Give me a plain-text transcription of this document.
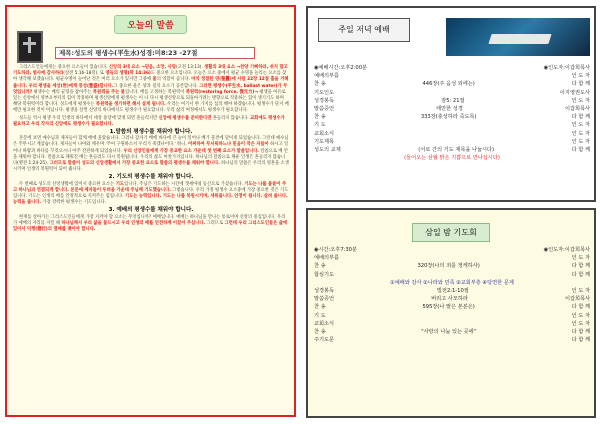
오늘의 말씀
제목:성도의 평생수(平生水)성경:미8:23 -27절

그리스도인들에게는 중요한 요소들이 있습니다. 신앙의 3대 요소 →믿음, 소망, 사랑(고전 13:13). 생활의 3대 요소 →찬양 기뻐하라, 쉬지 말고 기도하라, 범사에 감사하라(살전 5:16-18절). 또 영육의 생명(막 14:36)도 중요한 요소입니다. 오늘은 요소 중에서 평균 수명을 늘리는 요소를 찾아 생각해 보겠습니다. 평균수명이 늘어난 것은 여러 요소가 있지만 그중에 물의 역할이 큽니다. 마치 정결한 영(聖靈)에 사람 22장 12절 흘을 거해 줍니다. 우리 평생을 세상(世)에게 풍성(豊盛)합니다.그 중요한 물은 양과 질의 요소가 공존합니다. 그러면 평생수(平生水, ballast water)가 무엇입니까? 평생수는 배의 균형을 잡아주는 복원력을 주는 물입니다. 배를 고정하는 복원력이 복원력(restoring force, 復元力)→ 평생을 여유로 있는 신앙에서 영부요부터의 힘이 작용하며 평생신앙에게 평생수는 이 나 다시 평생신앙으로 되돌아가려는 방향으로 작용하는 힘이 생기기도 하며 해당 복원력이라 합니다. 성도에게 평생수는 복원력을 생기하면 해서 살게 됩니다. 우리는 여기서 한 가지를 섬의 해야 하겠습니다. 평생수가 단지 배에만 필요한 것이 아닙니다. 평생을 살면 신앙의 바다에서도 평생수가 필요합니다. 우리 삶의 여정에서도 평생수가 필요합니다.

성도들 역시 평생 우리 인생의 바다에서 세상 풍랑에 맞게 되면 흔들리지만 신앙에 평생수를 준비한다면 흔들리지 않습니다. 교회에도 평생수가 필요하고 우리 각자의 신앙에도 평생수가 필요합니다.

1.말씀의 평생수를 채워야 합니다.

본문에 보면 예수님과 제자들이 함께 배에 올랐습니다. 그러나 갑자기 배에 바다에 큰 놀이 일어나 배가 물결에 덮이게 되었습니다. 그런데 예수님은 주무시고 계셨습니다. 제자들이 나아와 깨우며 '주여 구원하소서 우리가 죽겠나이다.' 하니, 어찌하여 무서워하느냐 믿음이 작은 자들아 하시고 일어나 바람과 바다를 꾸짖으시니 아주 잔잔하게 되었습니다. 우리 신앙인들에게 가장 중요한 요소 가운데 첫 번째 요소가 말씀입니다. 말씀으로 배 안을 채워야 합니다. 말씀으로 채워진 배는 흔들려도 다시 복원됩니다. 우리의 삶도 마찬가지입니다. 하나님의 말씀으로 채운 인생은 흔들리지 않습니다(벧전 1:24-25). 그러므로 말씀이 성도의 신앙생활에서 가장 중요한 요소로 말씀의 평생수를 채워야 합니다. 하나님의 말씀은 우리의 영혼을 소생시키며 인생의 복원력이 되어 줍니다.

2. 기도의 평생수를 채워야 합니다.

두 번째로 성도의 신앙생활에 있어서 중요한 요소는 기도입니다. 주님은 기도하는 시간에 겟세마네 동산으로 가셨습니다. 기도는 나를 붙들어 주고 하나님과 연결되게 합니다. 본문에 제자들이 두려움 가운데 주님께 기도했습니다. 그렇습니다. 우리 가정 평생수 요소중에 가장 중요한 것은 기도입니다. 기도는 인생의 배를 안정적으로 지켜주는 힘입니다. 기도는 능력입니다. 기도는 나를 복원시키며, 세워줍니다. 안정이 됩니다. 살려 줍니다. 능력을 줍니다. 가장 강력한 평생수는 기도입니다.

3. 예배의 평생수를 채워야 합니다.

현재를 살아가는 그리스도인들에게 가장 지켜야 할 요소는 무엇입니까? 예배입니다. 예배는 하나님을 만나는 통로이며 신앙의 중심입니다. 우리가 예배의 자리를 지킬 때 하나님께서 우리 삶을 붙드시고 우리 인생의 배를 안전하게 이끌어 주십니다. 그러므로 그런데 우리 그리스도인들은 삶에 있어서 덕행(德行)의 열매를 맺어야 합니다.

주일 저녁 예배
◉예배시간:오후2:00분	◉인도자:이갑희목사
예배의부름	인 도 자
찬 송	446장(주 음성 외에는)	다 함 께
기도인도	이지영권도사
성경봉독	잠5: 21절	인 도 자
말씀증언	태만한 성경	이갑희목사
찬 송	333장(충성하라 죽도록)	다 함 께
기 도	인 도 자
교회소식	인 도 자
기도제목	인 도 자
성도의 교제	(서로 간의 기도 제목을 나눕시다)	다 함 께
(들어오는 삼월 밝은 기쁨으로 만나십시다)
삼일 밤 기도회
◉시간:오후7:30분	◉인도자:이갑희목사
예배의부름	인 도 자
찬 송	320장(나의 죄를 정케하사)	다 함 께
합심기도	다 함 께
①예배와 감사 ②나라와 민족 ③교회부흥 ④당면한 문제
성경봉독	빌전2:1-10절	인 도 자
말씀증언	버리고 사모하라	이갑희목사
찬 송	595장(나 맡은 본분은)	다 함 께
기 도	인 도 자
교회소식	인 도 자
찬 송	"사랑의 나눔 있는 곳에"	다 함 께
주기도문	다 함 께
